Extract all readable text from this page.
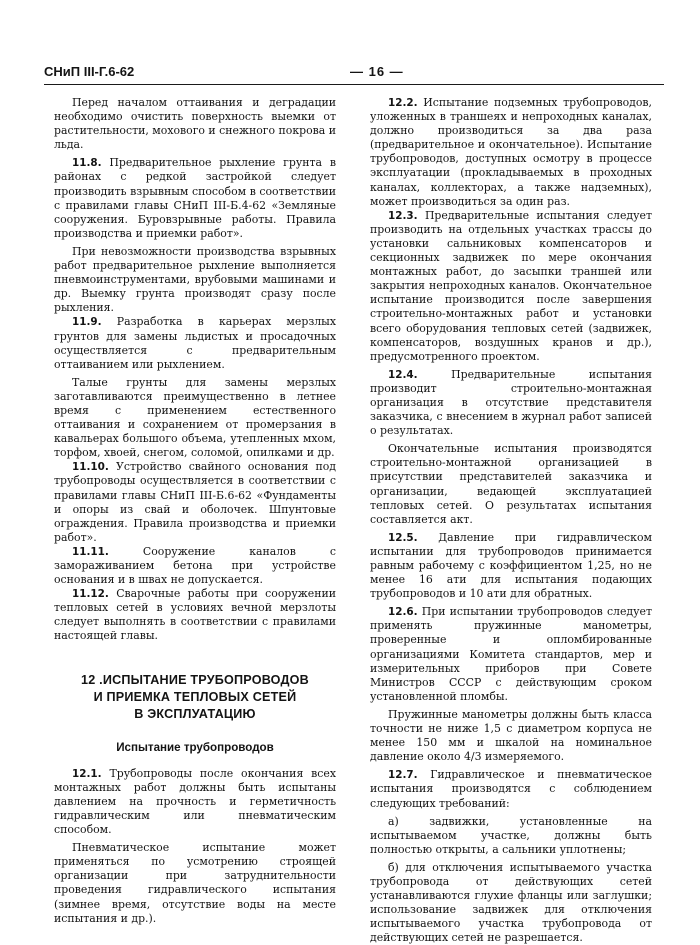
СНиП III-Г.6-62	— 16 —

Перед началом оттаивания и деградации необходимо очистить поверхность выемки от растительности, мохового и снежного покрова и льда.

11.8. Предварительное рыхление грунта в районах с редкой застройкой следует производить взрывным способом в соответствии с правилами главы СНиП III-Б.4-62 «Земляные сооружения. Буровзрывные работы. Правила производства и приемки работ».

При невозможности производства взрывных работ предварительное рыхление выполняется пневмоинструментами, врубовыми машинами и др. Выемку грунта производят сразу после рыхления.

11.9. Разработка в карьерах мерзлых грунтов для замены льдистых и просадочных осуществляется с предварительным оттаиванием или рыхлением.

Талые грунты для замены мерзлых заготавливаются преимущественно в летнее время с применением естественного оттаивания и сохранением от промерзания в кавальерах большого объема, утепленных мхом, торфом, хвоей, снегом, соломой, опилками и др.

11.10. Устройство свайного основания под трубопроводы осуществляется в соответствии с правилами главы СНиП III-Б.6-62 «Фундаменты и опоры из свай и оболочек. Шпунтовые ограждения. Правила производства и приемки работ».

11.11.	Сооружение каналов с замораживанием бетона при устройстве основания и в швах не допускается.

11.12. Сварочные работы при сооружении тепловых сетей в условиях вечной мерзлоты следует выполнять в соответствии с правилами настоящей главы.

12 .ИСПЫТАНИЕ ТРУБОПРОВОДОВ
И ПРИЕМКА ТЕПЛОВЫХ СЕТЕЙ
В ЭКСПЛУАТАЦИЮ
Испытание трубопроводов

12.1. Трубопроводы после окончания всех монтажных работ должны быть испытаны давлением на прочность и герметичность гидравлическим или пневматическим способом.

Пневматическое испытание может применяться по усмотрению строящей организации при затруднительности проведения гидравлического испытания (зимнее время, отсутствие воды на месте испытания и др.).

12.2. Испытание подземных трубопроводов, уложенных в траншеях и непроходных каналах, должно производиться за два раза (предварительное и окончательное). Испытание трубопроводов, доступных осмотру в процессе эксплуатации (прокладываемых в проходных каналах, коллекторах, а также надземных), может производиться за один раз.

12.3. Предварительные испытания следует производить на отдельных участках трассы до установки сальниковых компенсаторов и секционных задвижек по мере окончания монтажных работ, до засыпки траншей или закрытия непроходных каналов. Окончательное испытание производится после завершения строительно-монтажных работ и установки всего оборудования тепловых сетей (задвижек, компенсаторов, воздушных кранов и др.), предусмотренного проектом.

12.4.	Предварительные испытания производит строительно-монтажная организация в отсутствие представителя заказчика, с внесением в журнал работ записей о результатах.

Окончательные испытания производятся строительно-монтажной организацией в присутствии представителей заказчика и организации, ведающей эксплуатацией тепловых сетей. О результатах испытания составляется акт.

12.5. Давление при гидравлическом испытании для трубопроводов принимается равным рабочему с коэффициентом 1,25, но не менее 16 ати для испытания подающих трубопроводов и 10 ати для обратных.

12.6. При испытании трубопроводов следует применять пружинные манометры, проверенные и опломбированные организациями Комитета стандартов, мер и измерительных приборов при Совете Министров СССР с действующим сроком установленной пломбы.

Пружинные манометры должны быть класса точности не ниже 1,5 с диаметром корпуса не менее 150 мм и шкалой на номинальное давление около 4/3 измеряемого.

12.7. Гидравлическое и пневматическое испытания производятся с соблюдением следующих требований:

а) задвижки, установленные на испытываемом участке, должны быть полностью открыты, а сальники уплотнены;

б) для отключения испытываемого участка трубопровода от действующих сетей устанавливаются глухие фланцы или заглушки; использование задвижек для отключения испытываемого участка трубопровода от действующих сетей не разрешается.
